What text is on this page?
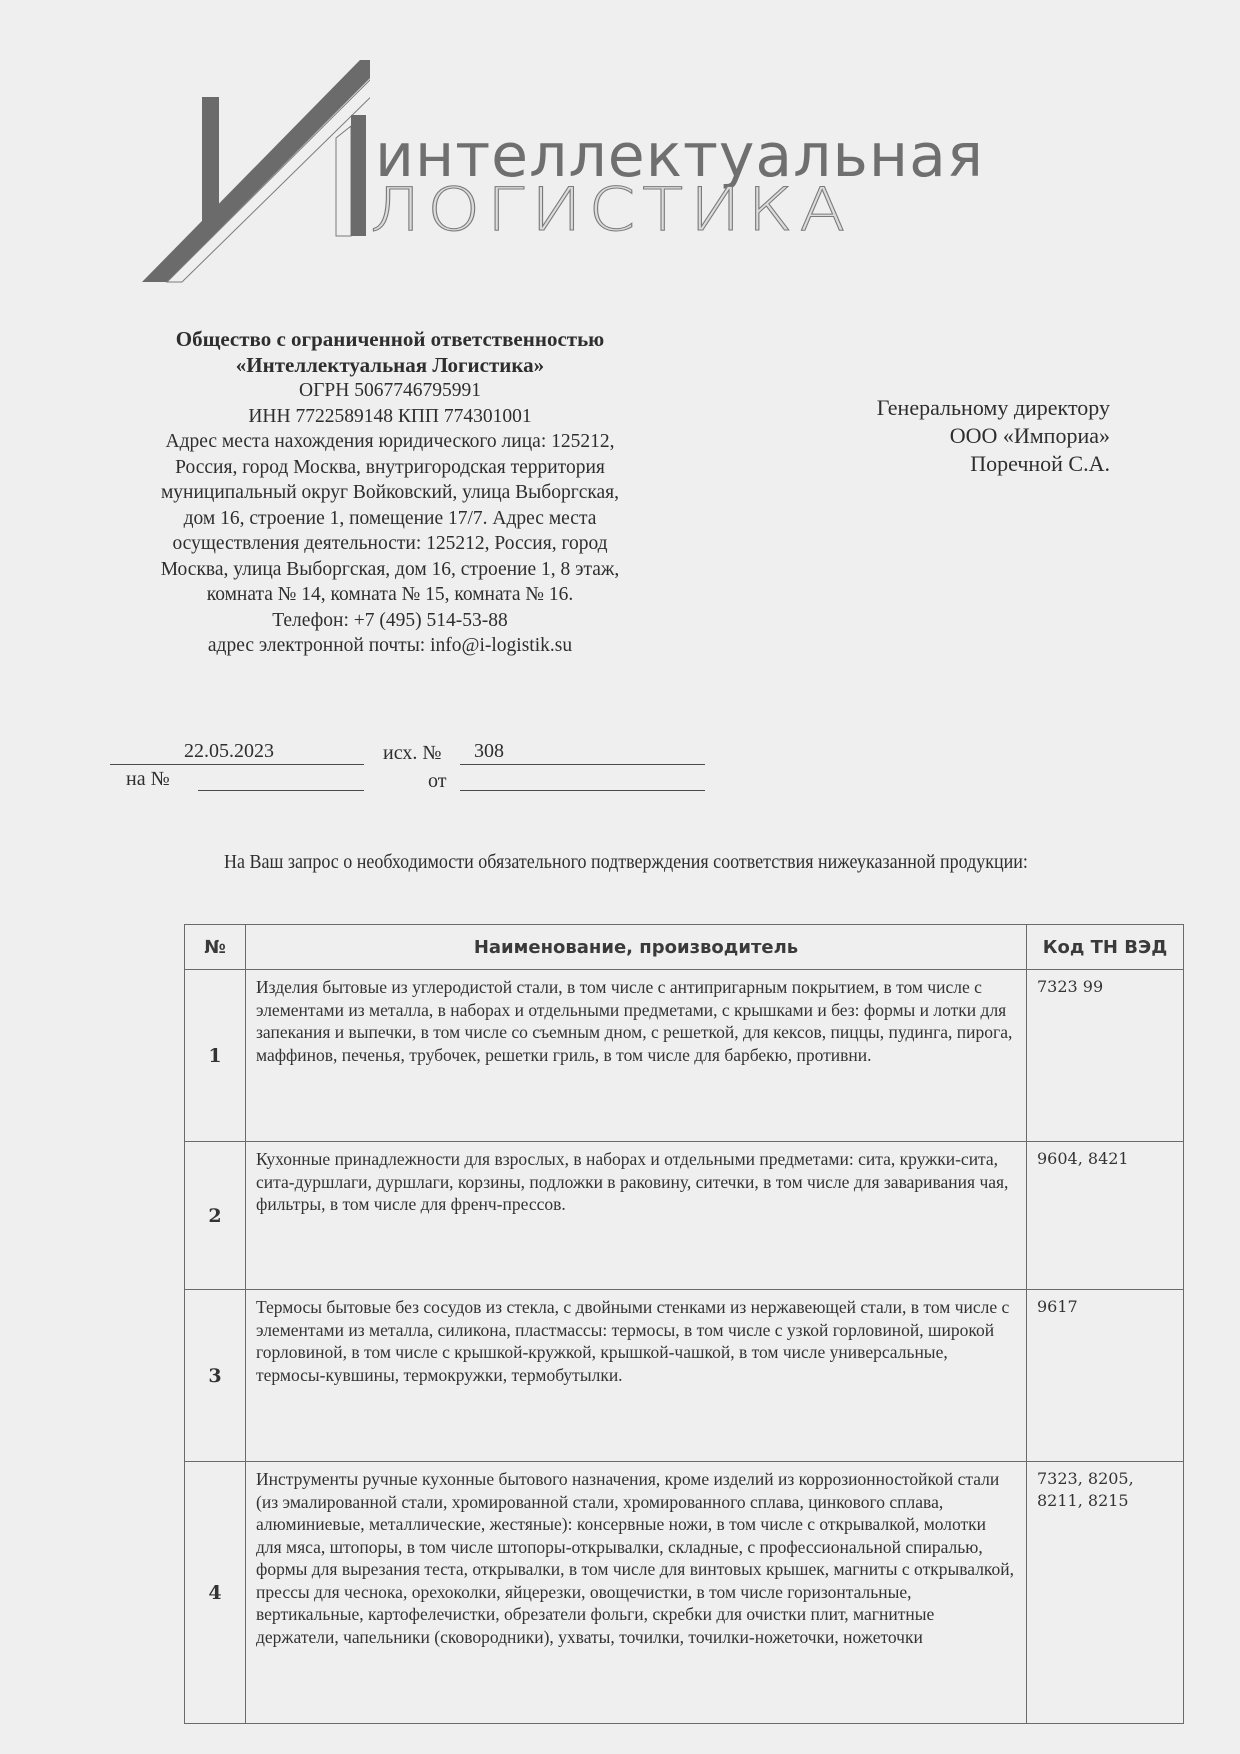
интеллектуальная
ЛОГИСТИКА
Общество с ограниченной ответственностью «Интеллектуальная Логистика»
ОГРН 5067746795991
ИНН 7722589148 КПП 774301001
Адрес места нахождения юридического лица: 125212, Россия, город Москва, внутригородская территория муниципальный округ Войковский, улица Выборгская, дом 16, строение 1, помещение 17/7. Адрес места осуществления деятельности: 125212, Россия, город Москва, улица Выборгская, дом 16, строение 1, 8 этаж, комната № 14, комната № 15, комната № 16.
Телефон: +7 (495) 514-53-88
адрес электронной почты: info@i-logistik.su
Генеральному директору
ООО «Импориа»
Поречной С.А.
22.05.2023	исх. № 308
на №	от

На Ваш запрос о необходимости обязательного подтверждения соответствия нижеуказанной продукции:

№	Наименование, производитель	Код ТН ВЭД
1	Изделия бытовые из углеродистой стали, в том числе с антипригарным покрытием, в том числе с элементами из металла, в наборах и отдельными предметами, с крышками и без: формы и лотки для запекания и выпечки, в том числе со съемным дном, с решеткой, для кексов, пиццы, пудинга, пирога, маффинов, печенья, трубочек, решетки гриль, в том числе для барбекю, противни.	7323 99
2	Кухонные принадлежности для взрослых, в наборах и отдельными предметами: сита, кружки-сита, сита-дуршлаги, дуршлаги, корзины, подложки в раковину, ситечки, в том числе для заваривания чая, фильтры, в том числе для френч-прессов.	9604, 8421
3	Термосы бытовые без сосудов из стекла, с двойными стенками из нержавеющей стали, в том числе с элементами из металла, силикона, пластмассы: термосы, в том числе с узкой горловиной, широкой горловиной, в том числе с крышкой-кружкой, крышкой-чашкой, в том числе универсальные, термосы-кувшины, термокружки, термобутылки.	9617
4	Инструменты ручные кухонные бытового назначения, кроме изделий из коррозионностойкой стали (из эмалированной стали, хромированной стали, хромированного сплава, цинкового сплава, алюминиевые, металлические, жестяные): консервные ножи, в том числе с открывалкой, молотки для мяса, штопоры, в том числе штопоры-открывалки, складные, с профессиональной спиралью, формы для вырезания теста, открывалки, в том числе для винтовых крышек, магниты с открывалкой, прессы для чеснока, орехоколки, яйцерезки, овощечистки, в том числе горизонтальные, вертикальные, картофелечистки, обрезатели фольги, скребки для очистки плит, магнитные держатели, чапельники (сковородники), ухваты, точилки, точилки-ножеточки, ножеточки	7323, 8205, 8211, 8215
